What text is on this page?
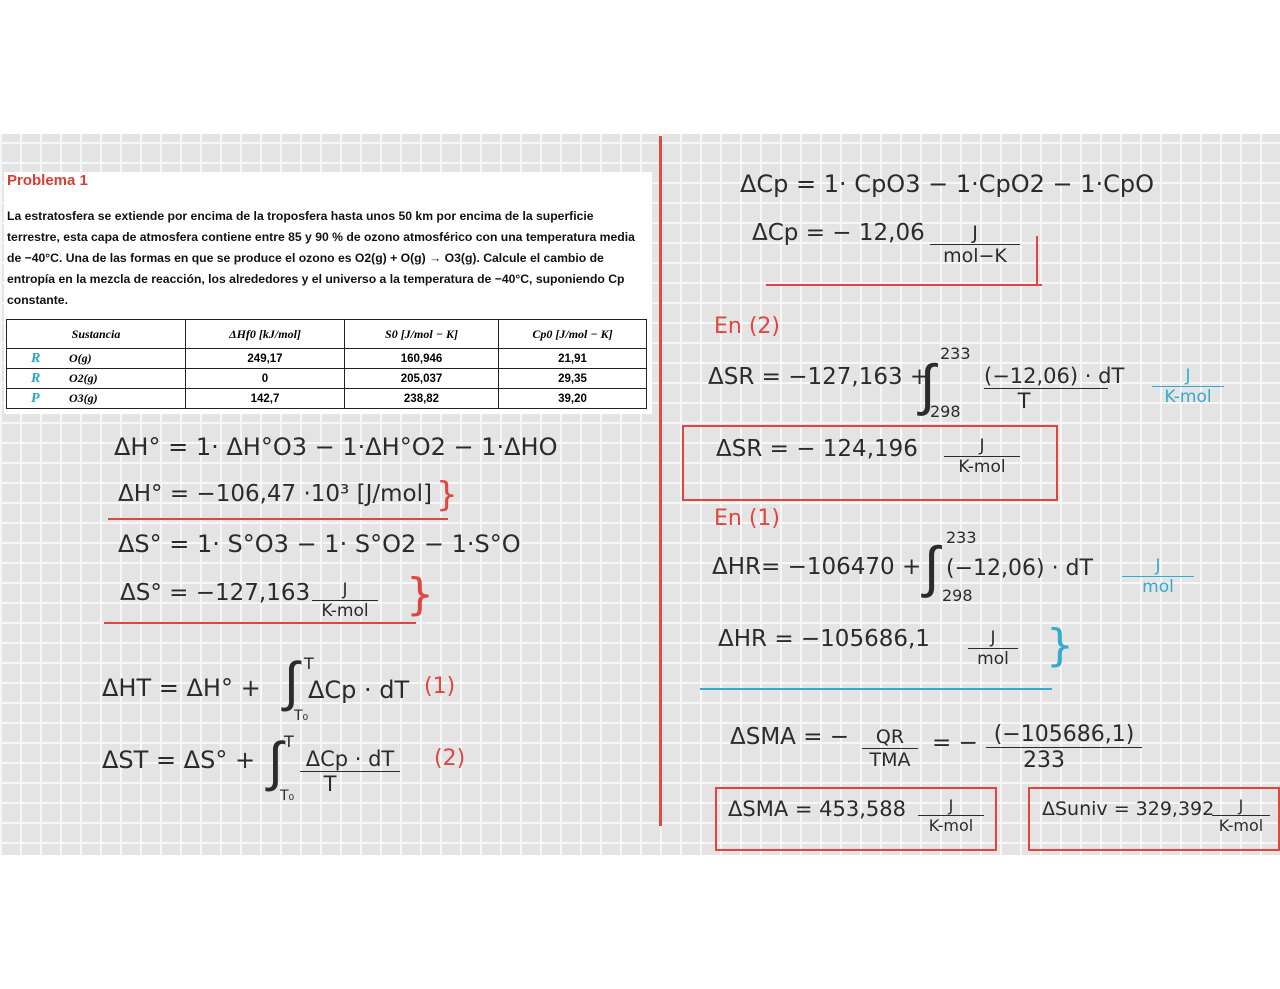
Problema 1

La estratosfera se extiende por encima de la troposfera hasta unos 50 km por encima de la superficie terrestre, esta capa de atmosfera contiene entre 85 y 90 % de ozono atmosférico con una temperatura media de −40°C. Una de las formas en que se produce el ozono es O2(g) + O(g) → O3(g). Calcule el cambio de entropía en la mezcla de reacción, los alrededores y el universo a la temperatura de −40°C, suponiendo Cp constante.

Sustancia	ΔHf0 [kJ/mol]	S0 [J/mol − K]	Cp0 [J/mol − K]
R O(g)	249,17	160,946	21,91
R O2(g)	0	205,037	29,35
P O3(g)	142,7	238,82	39,20

ΔH° = 1· ΔH°O3 − 1·ΔH°O2 − 1·ΔHO

ΔH° = −106,47 ·10³ [J/mol] }

ΔS° = 1· S°O3 − 1· S°O2 − 1·S°O

ΔS° = −127,163	J
K-mol }

ΔHT = ΔH° + ∫ T
T₀
ΔCp · dT (1)

ΔST = ΔS° + ∫ T
T₀
ΔCp · dT
T
(2)

ΔCp = 1· CpO3 − 1·CpO2 − 1·CpO

ΔCp = − 12,06	J
mol−K
En (2)

ΔSR = −127,163 +

∫ 233
$298 \frac{(-12,06) \cdot dT}{T}$	J
K-mol

ΔSR = − 124,196	J
K-mol
En (1)

ΔHR= −106470 + ∫ 233
298
(−12,06) · dT	J
mol

ΔHR = −105686,1	J
mol }

ΔSMA = −	QR
TMA
= − $\frac{(-105686,1)}{233}$

ΔSMA = 453,588	J
K-mol

ΔSuniv = 329,392	J
K-mol
